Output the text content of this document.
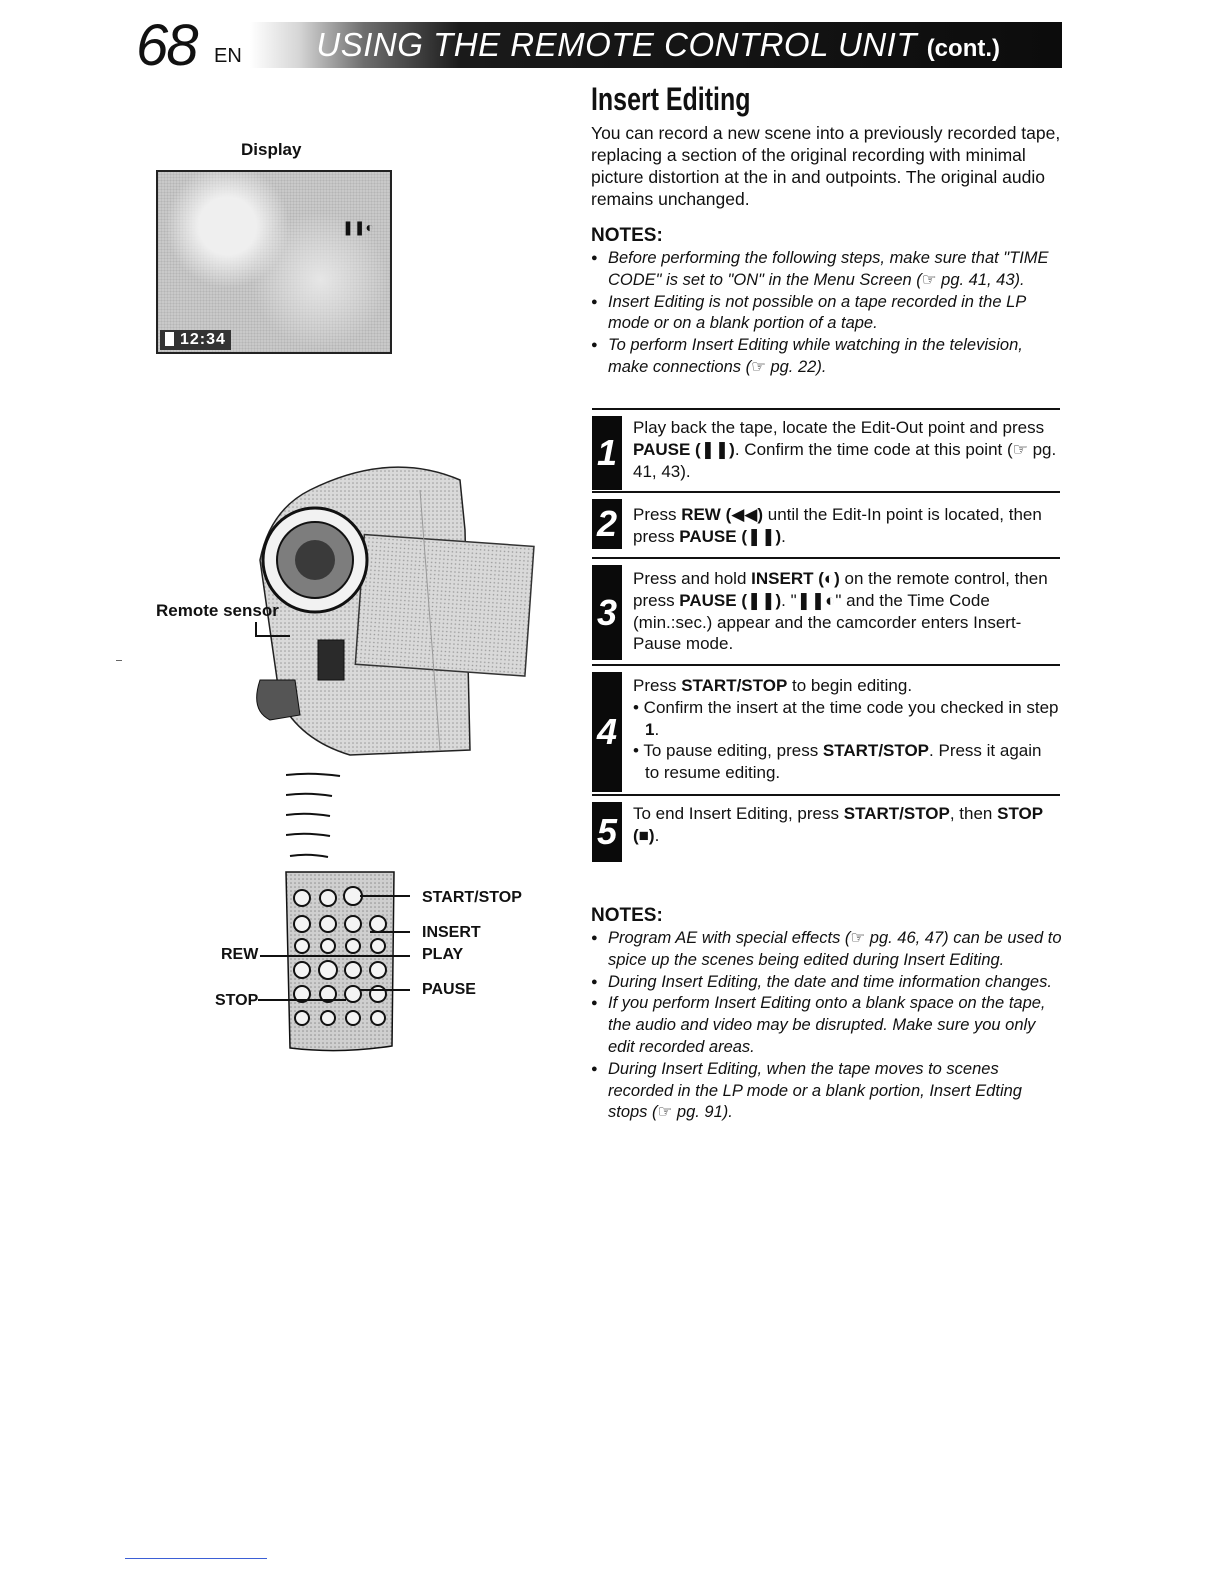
68 EN USING THE REMOTE CONTROL UNIT (cont.)
Insert Editing
You can record a new scene into a previously recorded tape, replacing a section of the original recording with minimal picture distortion at the in and outpoints. The original audio remains unchanged.
NOTES:
● Before performing the following steps, make sure that "TIME CODE" is set to "ON" in the Menu Screen (☞ pg. 41, 43).
● Insert Editing is not possible on a tape recorded in the LP mode or on a blank portion of a tape.
● To perform Insert Editing while watching in the television, make connections (☞ pg. 22).
1
Play back the tape, locate the Edit-Out point and press PAUSE (❚❚). Confirm the time code at this point (☞ pg. 41, 43).
2 Press REW (◀◀) until the Edit-In point is located, then press PAUSE (❚❚).
3
Press and hold INSERT (◐) on the remote control, then press PAUSE (❚❚). "❚❚◐" and the Time Code (min.:sec.) appear and the camcorder enters Insert-Pause mode.
4
Press START/STOP to begin editing.
• Confirm the insert at the time code you checked in step 1.
• To pause editing, press START/STOP. Press it again to resume editing.
5 To end Insert Editing, press START/STOP, then STOP (■).
NOTES:
● Program AE with special effects (☞ pg. 46, 47) can be used to spice up the scenes being edited during Insert Editing.
● During Insert Editing, the date and time information changes.
● If you perform Insert Editing onto a blank space on the tape, the audio and video may be disrupted. Make sure you only edit recorded areas.
● During Insert Editing, when the tape moves to scenes recorded in the LP mode or a blank portion, Insert Edting stops (☞ pg. 91).
Display
❚❚◐
12:34
Remote sensor
START/STOP
INSERT
PLAY
PAUSE
REW
STOP
